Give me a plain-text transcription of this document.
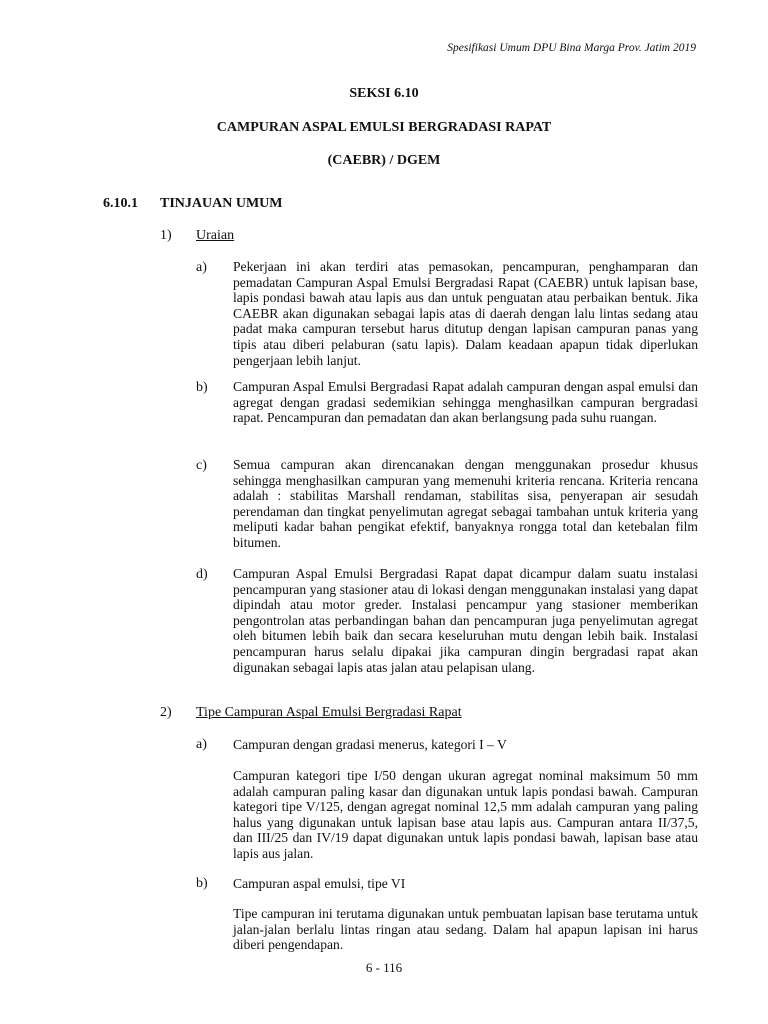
Spesifikasi Umum DPU Bina Marga Prov. Jatim 2019
SEKSI 6.10
CAMPURAN ASPAL EMULSI BERGRADASI RAPAT
(CAEBR) / DGEM
6.10.1 TINJAUAN UMUM
1) Uraian
a) Pekerjaan ini akan terdiri atas pemasokan, pencampuran, penghamparan dan pemadatan Campuran Aspal Emulsi Bergradasi Rapat (CAEBR) untuk lapisan base, lapis pondasi bawah atau lapis aus dan untuk penguatan atau perbaikan bentuk. Jika CAEBR akan digunakan sebagai lapis atas di daerah dengan lalu lintas sedang atau padat maka campuran tersebut harus ditutup dengan lapisan campuran panas yang tipis atau diberi pelaburan (satu lapis). Dalam keadaan apapun tidak diperlukan pengerjaan lebih lanjut.

b) Campuran Aspal Emulsi Bergradasi Rapat adalah campuran dengan aspal emulsi dan agregat dengan gradasi sedemikian sehingga menghasilkan campuran bergradasi rapat. Pencampuran dan pemadatan dan akan berlangsung pada suhu ruangan.

c) Semua campuran akan direncanakan dengan menggunakan prosedur khusus sehingga menghasilkan campuran yang memenuhi kriteria rencana. Kriteria rencana adalah : stabilitas Marshall rendaman, stabilitas sisa, penyerapan air sesudah perendaman dan tingkat penyelimutan agregat sebagai tambahan untuk kriteria yang meliputi kadar bahan pengikat efektif, banyaknya rongga total dan ketebalan film bitumen.

d) Campuran Aspal Emulsi Bergradasi Rapat dapat dicampur dalam suatu instalasi pencampuran yang stasioner atau di lokasi dengan menggunakan instalasi yang dapat dipindah atau motor greder. Instalasi pencampur yang stasioner memberikan pengontrolan atas perbandingan bahan dan pencampuran juga penyelimutan agregat oleh bitumen lebih baik dan secara keseluruhan mutu dengan lebih baik. Instalasi pencampuran harus selalu dipakai jika campuran dingin bergradasi rapat akan digunakan sebagai lapis atas jalan atau pelapisan ulang.

2) Tipe Campuran Aspal Emulsi Bergradasi Rapat
a) Campuran dengan gradasi menerus, kategori I – V

Campuran kategori tipe I/50 dengan ukuran agregat nominal maksimum 50 mm adalah campuran paling kasar dan digunakan untuk lapis pondasi bawah. Campuran kategori tipe V/125, dengan agregat nominal 12,5 mm adalah campuran yang paling halus yang digunakan untuk lapisan base atau lapis aus. Campuran antara II/37,5, dan III/25 dan IV/19 dapat digunakan untuk lapis pondasi bawah, lapisan base atau lapis aus jalan.

b) Campuran aspal emulsi, tipe VI

Tipe campuran ini terutama digunakan untuk pembuatan lapisan base terutama untuk jalan-jalan berlalu lintas ringan atau sedang. Dalam hal apapun lapisan ini harus diberi pengendapan.

6 - 116
